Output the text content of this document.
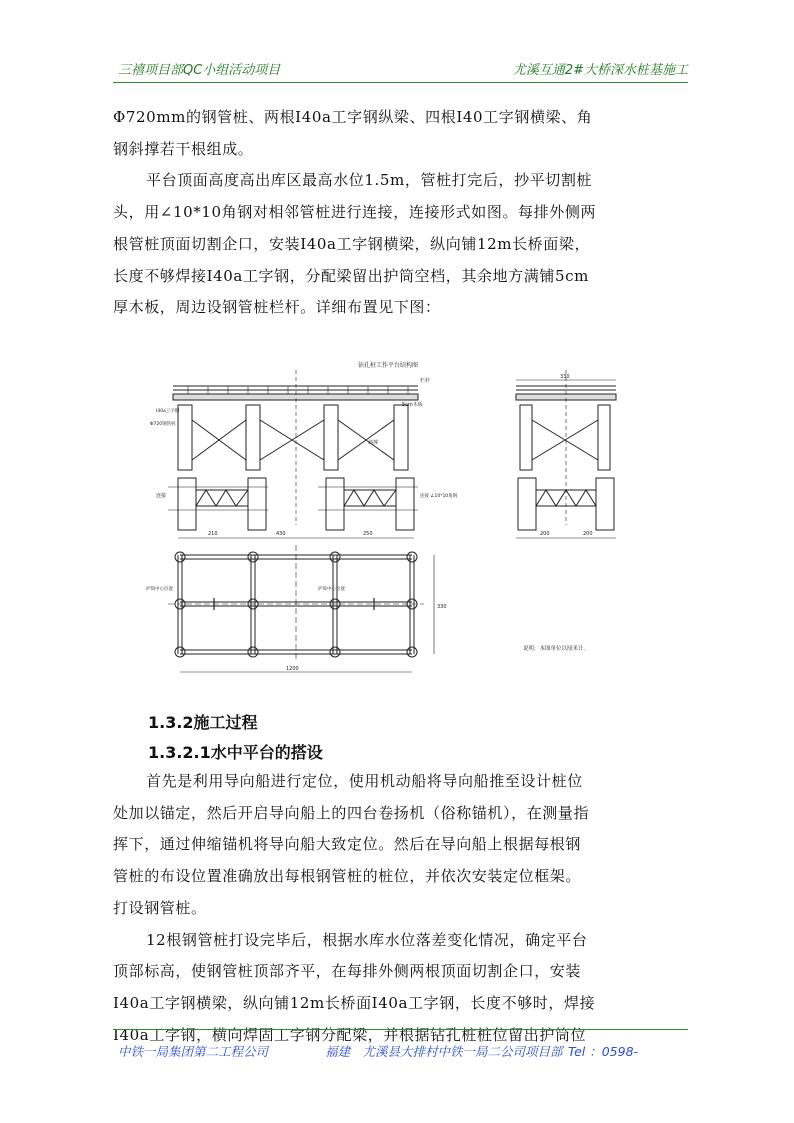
三禧项目部QC小组活动项目	尤溪互通2#大桥深水桩基施工

Φ720mm的钢管桩、两根I40a工字钢纵梁、四根I40工字钢横梁、角

钢斜撑若干根组成。

平台顶面高度高出库区最高水位1.5m，管桩打完后，抄平切割桩

头，用∠10*10角钢对相邻管桩进行连接，连接形式如图。每排外侧两

根管桩顶面切割企口，安装I40a工字钢横梁，纵向铺12m长桥面梁，

长度不够焊接I40a工字钢，分配梁留出护筒空档，其余地方满铺5cm

厚木板，周边设钢管桩栏杆。详细布置见下图：

钻孔桩工作平台结构图
430
210	250
栏杆
5cm木板
I40a工字钢
Φ720钢管桩
斜撑
连接	连接 ∠10*10角钢
330
200	200
1200
330
护筒中心位置	护筒中心位置
说明：本图单位以厘米计。
1.3.2施工过程
1.3.2.1水中平台的搭设

首先是利用导向船进行定位，使用机动船将导向船推至设计桩位

处加以锚定，然后开启导向船上的四台卷扬机（俗称锚机），在测量指

挥下，通过伸缩锚机将导向船大致定位。然后在导向船上根据每根钢

管桩的布设位置准确放出每根钢管桩的桩位，并依次安装定位框架。

打设钢管桩。

12根钢管桩打设完毕后，根据水库水位落差变化情况，确定平台

顶部标高，使钢管桩顶部齐平，在每排外侧两根顶面切割企口，安装

I40a工字钢横梁，纵向铺12m长桥面I40a工字钢，长度不够时，焊接

I40a工字钢，横向焊固工字钢分配梁，并根据钻孔桩桩位留出护筒位

中铁一局集团第二工程公司	福建　尤溪县大排村中铁一局二公司项目部 Tel ：0598-
